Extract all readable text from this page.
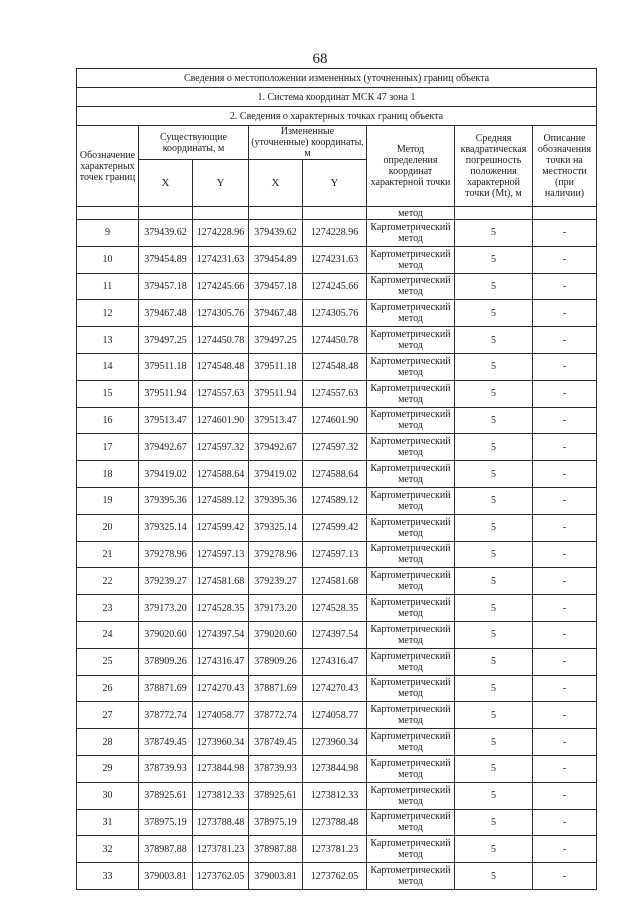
68
Сведения о местоположении измененных (уточненных) границ объекта							
1. Система координат МСК 47 зона 1							
2. Сведения о характерных точках границ объекта							
Обозначение характерных точек границ	Существующие координаты, м		Измененные (уточненные) координаты, м		Метод определения координат характерной точки	Средняя квадратическая погрешность положения характерной точки (Mt), м	Описание обозначения точки на местности (при наличии)
	X	Y	X	Y			
					метод		
9	379439.62	1274228.96	379439.62	1274228.96	Картометрический метод	5	-
10	379454.89	1274231.63	379454.89	1274231.63	Картометрический метод	5	-
11	379457.18	1274245.66	379457.18	1274245.66	Картометрический метод	5	-
12	379467.48	1274305.76	379467.48	1274305.76	Картометрический метод	5	-
13	379497.25	1274450.78	379497.25	1274450.78	Картометрический метод	5	-
14	379511.18	1274548.48	379511.18	1274548.48	Картометрический метод	5	-
15	379511.94	1274557.63	379511.94	1274557.63	Картометрический метод	5	-
16	379513.47	1274601.90	379513.47	1274601.90	Картометрический метод	5	-
17	379492.67	1274597.32	379492.67	1274597.32	Картометрический метод	5	-
18	379419.02	1274588.64	379419.02	1274588.64	Картометрический метод	5	-
19	379395.36	1274589.12	379395.36	1274589.12	Картометрический метод	5	-
20	379325.14	1274599.42	379325.14	1274599.42	Картометрический метод	5	-
21	379278.96	1274597.13	379278.96	1274597.13	Картометрический метод	5	-
22	379239.27	1274581.68	379239.27	1274581.68	Картометрический метод	5	-
23	379173.20	1274528.35	379173.20	1274528.35	Картометрический метод	5	-
24	379020.60	1274397.54	379020.60	1274397.54	Картометрический метод	5	-
25	378909.26	1274316.47	378909.26	1274316.47	Картометрический метод	5	-
26	378871.69	1274270.43	378871.69	1274270.43	Картометрический метод	5	-
27	378772.74	1274058.77	378772.74	1274058.77	Картометрический метод	5	-
28	378749.45	1273960.34	378749.45	1273960.34	Картометрический метод	5	-
29	378739.93	1273844.98	378739.93	1273844.98	Картометрический метод	5	-
30	378925.61	1273812.33	378925.61	1273812.33	Картометрический метод	5	-
31	378975.19	1273788.48	378975.19	1273788.48	Картометрический метод	5	-
32	378987.88	1273781.23	378987.88	1273781.23	Картометрический метод	5	-
33	379003.81	1273762.05	379003.81	1273762.05	Картометрический метод	5	-
